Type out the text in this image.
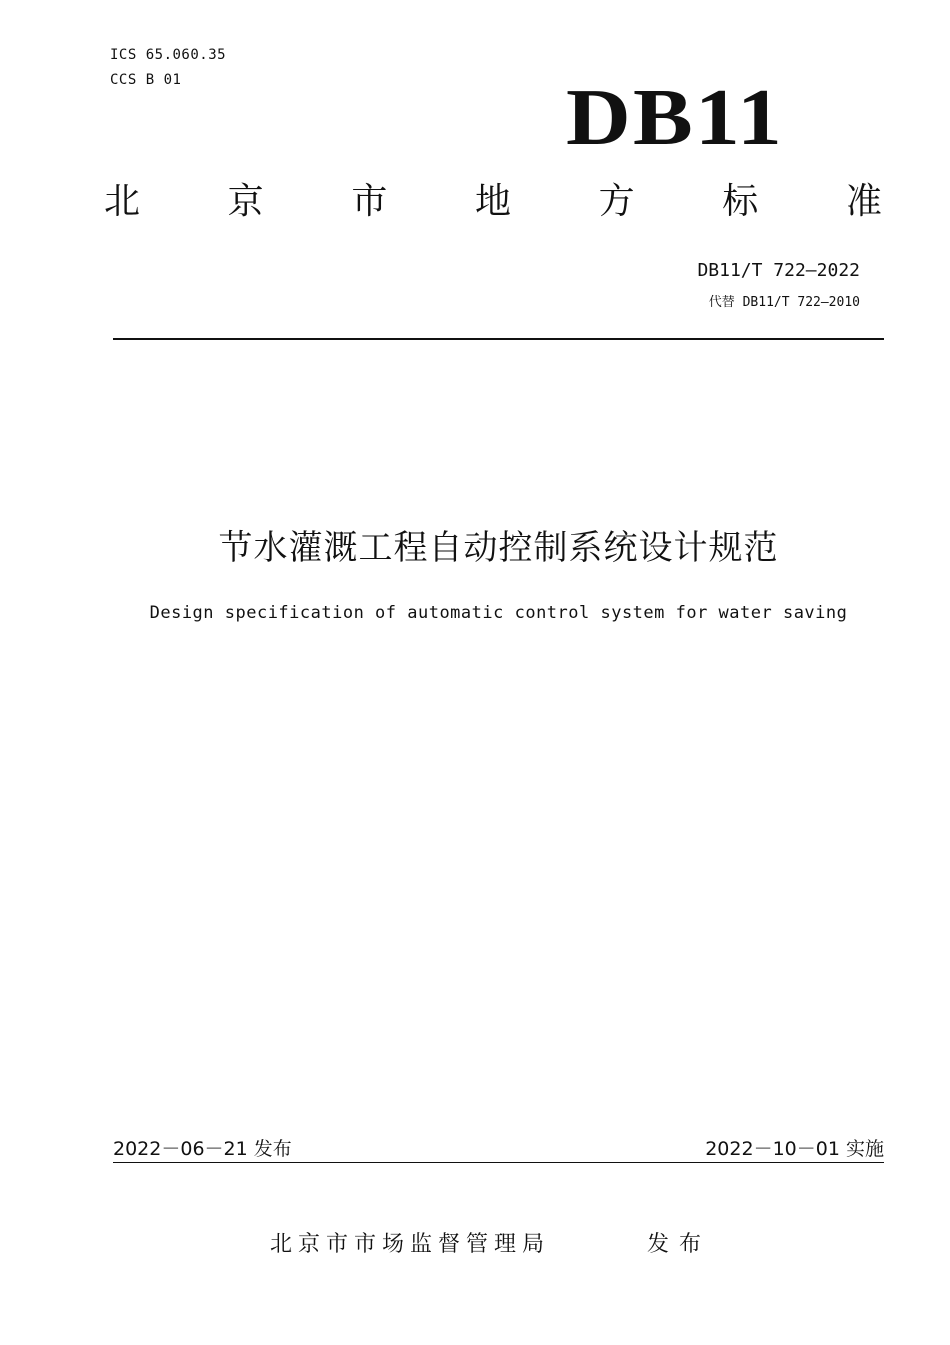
ICS 65.060.35
CCS B 01	DB11
北 京 市 地 方 标 准
DB11/T 722—2022
代替 DB11/T 722—2010
节水灌溉工程自动控制系统设计规范
Design specification of automatic control system for water saving
2022－06－21 发布	2022－10－01 实施
北京市市场监督管理局	发布
